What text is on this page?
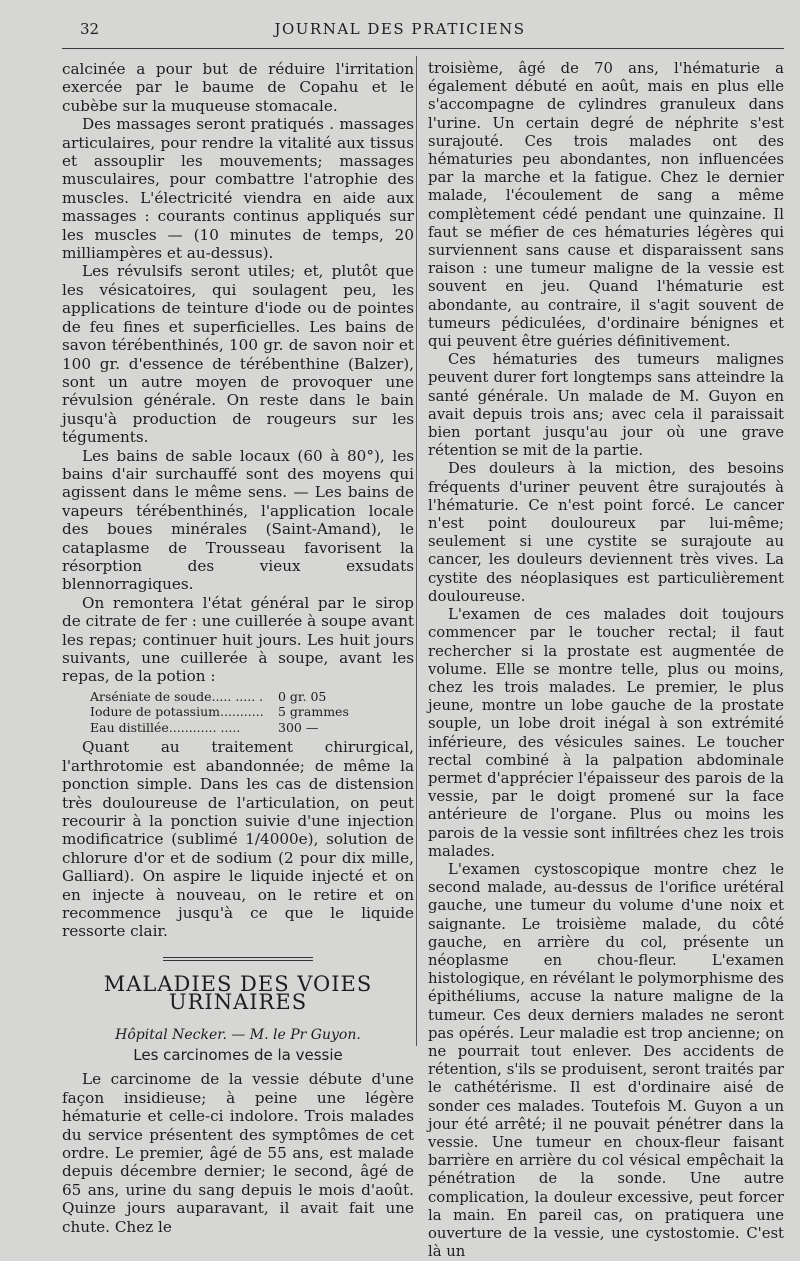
32	JOURNAL DES PRATICIENS

calcinée a pour but de réduire l'irritation exercée par le baume de Copahu et le cubèbe sur la muqueuse stomacale.

Des massages seront pratiqués . massages articulaires, pour rendre la vitalité aux tissus et assouplir les mouvements; massages musculaires, pour combattre l'atrophie des muscles. L'électricité viendra en aide aux massages : courants continus appliqués sur les muscles — (10 minutes de temps, 20 milliampères et au-dessus).

Les révulsifs seront utiles; et, plutôt que les vésicatoires, qui soulagent peu, les applications de teinture d'iode ou de pointes de feu fines et superficielles. Les bains de savon térébenthinés, 100 gr. de savon noir et 100 gr. d'essence de térébenthine (Balzer), sont un autre moyen de provoquer une révulsion générale. On reste dans le bain jusqu'à production de rougeurs sur les téguments.

Les bains de sable locaux (60 à 80°), les bains d'air surchauffé sont des moyens qui agissent dans le même sens. — Les bains de vapeurs térébenthinés, l'application locale des boues minérales (Saint-Amand), le cataplasme de Trousseau favorisent la résorption des vieux exsudats blennorragiques.

On remontera l'état général par le sirop de citrate de fer : une cuillerée à soupe avant les repas; continuer huit jours. Les huit jours suivants, une cuillerée à soupe, avant les repas, de la potion :

Arséniate de soude..... ..... .	0 gr. 05
Iodure de potassium...........	5 grammes
Eau distillée............ .....	300 —

Quant au traitement chirurgical, l'arthrotomie est abandonnée; de même la ponction simple. Dans les cas de distension très douloureuse de l'articulation, on peut recourir à la ponction suivie d'une injection modificatrice (sublimé 1/4000e), solution de chlorure d'or et de sodium (2 pour dix mille, Galliard). On aspire le liquide injecté et on en injecte à nouveau, on le retire et on recommence jusqu'à ce que le liquide ressorte clair.

MALADIES DES VOIES URINAIRES
Hôpital Necker. — M. le Pr Guyon.
Les carcinomes de la vessie

Le carcinome de la vessie débute d'une façon insidieuse; à peine une légère hématurie et celle-ci indolore. Trois malades du service présentent des symptômes de cet ordre. Le premier, âgé de 55 ans, est malade depuis décembre dernier; le second, âgé de 65 ans, urine du sang depuis le mois d'août. Quinze jours auparavant, il avait fait une chute. Chez le

troisième, âgé de 70 ans, l'hématurie a également débuté en août, mais en plus elle s'accompagne de cylindres granuleux dans l'urine. Un certain degré de néphrite s'est surajouté. Ces trois malades ont des hématuries peu abondantes, non influencées par la marche et la fatigue. Chez le dernier malade, l'écoulement de sang a même complètement cédé pendant une quinzaine. Il faut se méfier de ces hématuries légères qui surviennent sans cause et disparaissent sans raison : une tumeur maligne de la vessie est souvent en jeu. Quand l'hématurie est abondante, au contraire, il s'agit souvent de tumeurs pédiculées, d'ordinaire bénignes et qui peuvent être guéries définitivement.

Ces hématuries des tumeurs malignes peuvent durer fort longtemps sans atteindre la santé générale. Un malade de M. Guyon en avait depuis trois ans; avec cela il paraissait bien portant jusqu'au jour où une grave rétention se mit de la partie.

Des douleurs à la miction, des besoins fréquents d'uriner peuvent être surajoutés à l'hématurie. Ce n'est point forcé. Le cancer n'est point douloureux par lui-même; seulement si une cystite se surajoute au cancer, les douleurs deviennent très vives. La cystite des néoplasiques est particulièrement douloureuse.

L'examen de ces malades doit toujours commencer par le toucher rectal; il faut rechercher si la prostate est augmentée de volume. Elle se montre telle, plus ou moins, chez les trois malades. Le premier, le plus jeune, montre un lobe gauche de la prostate souple, un lobe droit inégal à son extrémité inférieure, des vésicules saines. Le toucher rectal combiné à la palpation abdominale permet d'apprécier l'épaisseur des parois de la vessie, par le doigt promené sur la face antérieure de l'organe. Plus ou moins les parois de la vessie sont infiltrées chez les trois malades.

L'examen cystoscopique montre chez le second malade, au-dessus de l'orifice urétéral gauche, une tumeur du volume d'une noix et saignante. Le troisième malade, du côté gauche, en arrière du col, présente un néoplasme en chou-fleur. L'examen histologique, en révélant le polymorphisme des épithéliums, accuse la nature maligne de la tumeur. Ces deux derniers malades ne seront pas opérés. Leur maladie est trop ancienne; on ne pourrait tout enlever. Des accidents de rétention, s'ils se produisent, seront traités par le cathétérisme. Il est d'ordinaire aisé de sonder ces malades. Toutefois M. Guyon a un jour été arrêté; il ne pouvait pénétrer dans la vessie. Une tumeur en choux-fleur faisant barrière en arrière du col vésical empêchait la pénétration de la sonde. Une autre complication, la douleur excessive, peut forcer la main. En pareil cas, on pratiquera une ouverture de la vessie, une cystostomie. C'est là un
